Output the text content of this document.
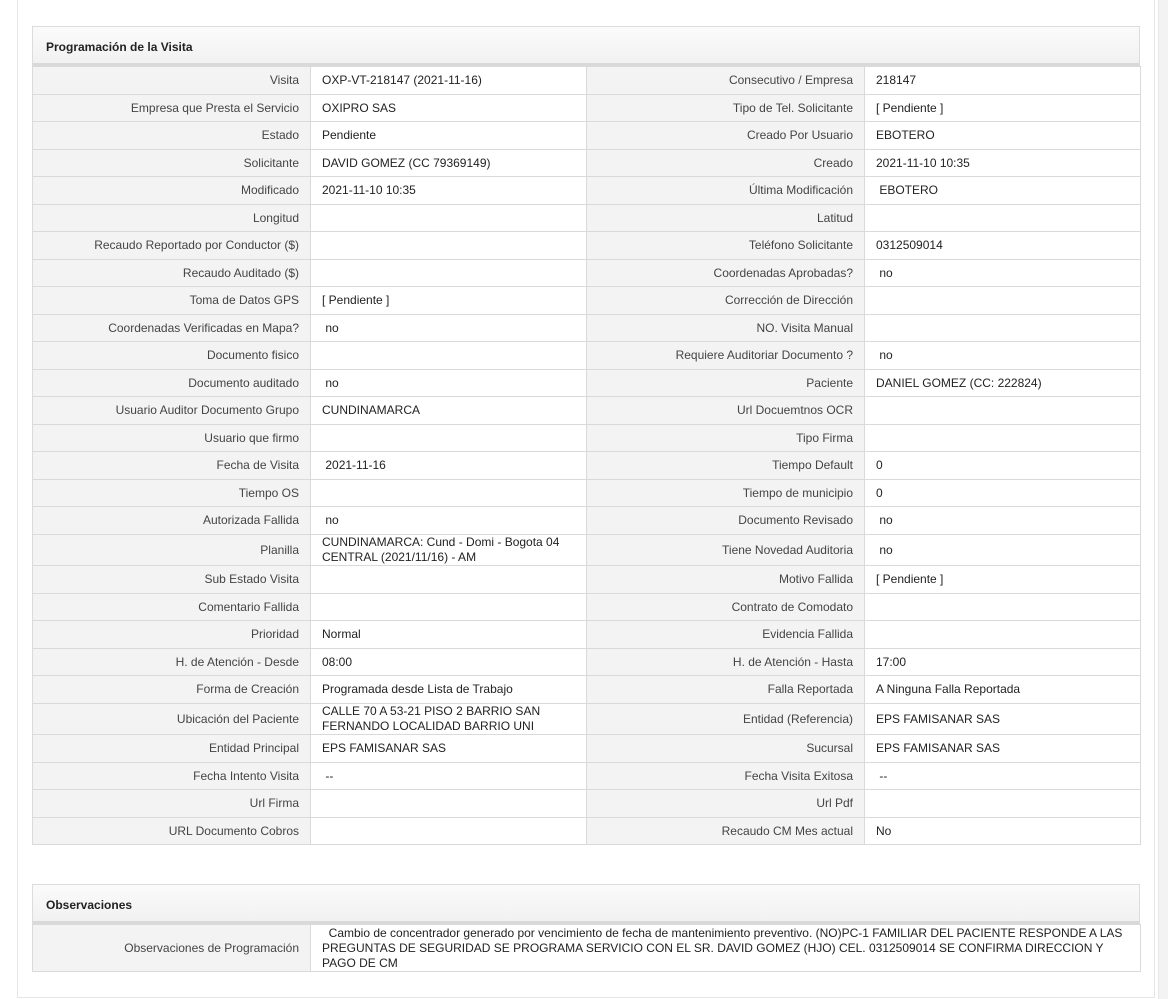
Programación de la Visita
Visita	OXP-VT-218147 (2021-11-16)	Consecutivo / Empresa	218147
Empresa que Presta el Servicio	OXIPRO SAS	Tipo de Tel. Solicitante	[ Pendiente ]
Estado	Pendiente	Creado Por Usuario	EBOTERO
Solicitante	DAVID GOMEZ (CC 79369149)	Creado	2021-11-10 10:35
Modificado	2021-11-10 10:35	Última Modificación	EBOTERO
Longitud		Latitud	
Recaudo Reportado por Conductor ($)		Teléfono Solicitante	0312509014
Recaudo Auditado ($)		Coordenadas Aprobadas?	no
Toma de Datos GPS	[ Pendiente ]	Corrección de Dirección	
Coordenadas Verificadas en Mapa?	no	NO. Visita Manual	
Documento fisico		Requiere Auditoriar Documento ?	no
Documento auditado	no	Paciente	DANIEL GOMEZ (CC: 222824)
Usuario Auditor Documento Grupo	CUNDINAMARCA	Url Docuemtnos OCR	
Usuario que firmo		Tipo Firma	
Fecha de Visita	2021-11-16	Tiempo Default	0
Tiempo OS		Tiempo de municipio	0
Autorizada Fallida	no	Documento Revisado	no
Planilla	CUNDINAMARCA: Cund - Domi - Bogota 04 CENTRAL (2021/11/16) - AM	Tiene Novedad Auditoria	no
Sub Estado Visita		Motivo Fallida	[ Pendiente ]
Comentario Fallida		Contrato de Comodato	
Prioridad	Normal	Evidencia Fallida	
H. de Atención - Desde	08:00	H. de Atención - Hasta	17:00
Forma de Creación	Programada desde Lista de Trabajo	Falla Reportada	A Ninguna Falla Reportada
Ubicación del Paciente	CALLE 70 A 53-21 PISO 2 BARRIO SAN FERNANDO LOCALIDAD BARRIO UNI	Entidad (Referencia)	EPS FAMISANAR SAS
Entidad Principal	EPS FAMISANAR SAS	Sucursal	EPS FAMISANAR SAS
Fecha Intento Visita	--	Fecha Visita Exitosa	--
Url Firma		Url Pdf	
URL Documento Cobros		Recaudo CM Mes actual	No
Observaciones
Observaciones de Programación	Cambio de concentrador generado por vencimiento de fecha de mantenimiento preventivo. (NO)PC-1 FAMILIAR DEL PACIENTE RESPONDE A LAS PREGUNTAS DE SEGURIDAD SE PROGRAMA SERVICIO CON EL SR. DAVID GOMEZ (HJO) CEL. 0312509014 SE CONFIRMA DIRECCION Y PAGO DE CM
